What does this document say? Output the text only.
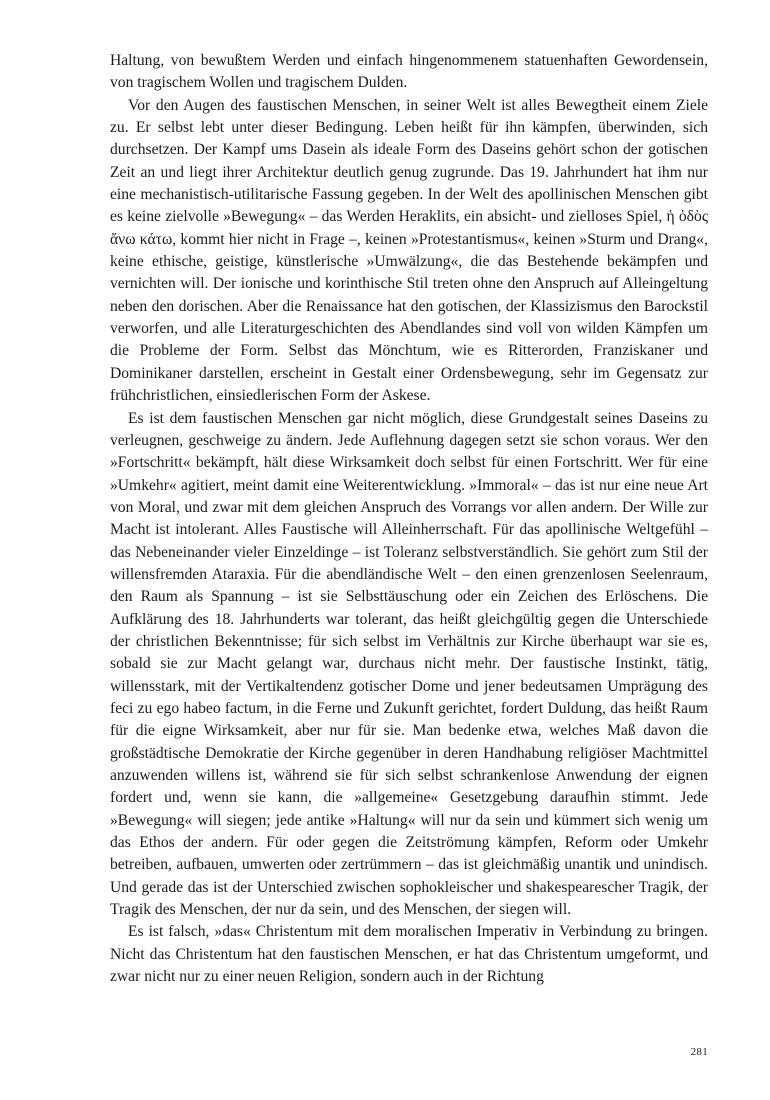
Haltung, von bewußtem Werden und einfach hingenommenem statuenhaften Gewordensein, von tragischem Wollen und tragischem Dulden.

Vor den Augen des faustischen Menschen, in seiner Welt ist alles Bewegtheit einem Ziele zu. Er selbst lebt unter dieser Bedingung. Leben heißt für ihn kämpfen, überwinden, sich durchsetzen. Der Kampf ums Dasein als ideale Form des Daseins gehört schon der gotischen Zeit an und liegt ihrer Architektur deutlich genug zugrunde. Das 19. Jahrhundert hat ihm nur eine mechanistisch-utilitarische Fassung gegeben. In der Welt des apollinischen Menschen gibt es keine zielvolle »Bewegung« – das Werden Heraklits, ein absicht- und zielloses Spiel, ἡ ὁδὸς ἄνω κάτω, kommt hier nicht in Frage –, keinen »Protestantismus«, keinen »Sturm und Drang«, keine ethische, geistige, künstlerische »Umwälzung«, die das Bestehende bekämpfen und vernichten will. Der ionische und korinthische Stil treten ohne den Anspruch auf Alleingeltung neben den dorischen. Aber die Renaissance hat den gotischen, der Klassizismus den Barockstil verworfen, und alle Literaturgeschichten des Abendlandes sind voll von wilden Kämpfen um die Probleme der Form. Selbst das Mönchtum, wie es Ritterorden, Franziskaner und Dominikaner darstellen, erscheint in Gestalt einer Ordensbewegung, sehr im Gegensatz zur frühchristlichen, einsiedlerischen Form der Askese.

Es ist dem faustischen Menschen gar nicht möglich, diese Grundgestalt seines Daseins zu verleugnen, geschweige zu ändern. Jede Auflehnung dagegen setzt sie schon voraus. Wer den »Fortschritt« bekämpft, hält diese Wirksamkeit doch selbst für einen Fortschritt. Wer für eine »Umkehr« agitiert, meint damit eine Weiterentwicklung. »Immoral« – das ist nur eine neue Art von Moral, und zwar mit dem gleichen Anspruch des Vorrangs vor allen andern. Der Wille zur Macht ist intolerant. Alles Faustische will Alleinherrschaft. Für das apollinische Weltgefühl – das Nebeneinander vieler Einzeldinge – ist Toleranz selbstverständlich. Sie gehört zum Stil der willensfremden Ataraxia. Für die abendländische Welt – den einen grenzenlosen Seelenraum, den Raum als Spannung – ist sie Selbsttäuschung oder ein Zeichen des Erlöschens. Die Aufklärung des 18. Jahrhunderts war tolerant, das heißt gleichgültig gegen die Unterschiede der christlichen Bekenntnisse; für sich selbst im Verhältnis zur Kirche überhaupt war sie es, sobald sie zur Macht gelangt war, durchaus nicht mehr. Der faustische Instinkt, tätig, willensstark, mit der Vertikaltendenz gotischer Dome und jener bedeutsamen Umprägung des feci zu ego habeo factum, in die Ferne und Zukunft gerichtet, fordert Duldung, das heißt Raum für die eigne Wirksamkeit, aber nur für sie. Man bedenke etwa, welches Maß davon die großstädtische Demokratie der Kirche gegenüber in deren Handhabung religiöser Machtmittel anzuwenden willens ist, während sie für sich selbst schrankenlose Anwendung der eignen fordert und, wenn sie kann, die »allgemeine« Gesetzgebung daraufhin stimmt. Jede »Bewegung« will siegen; jede antike »Haltung« will nur da sein und kümmert sich wenig um das Ethos der andern. Für oder gegen die Zeitströmung kämpfen, Reform oder Umkehr betreiben, aufbauen, umwerten oder zertrümmern – das ist gleichmäßig unantik und unindisch. Und gerade das ist der Unterschied zwischen sophokleischer und shakespearescher Tragik, der Tragik des Menschen, der nur da sein, und des Menschen, der siegen will.

Es ist falsch, »das« Christentum mit dem moralischen Imperativ in Verbindung zu bringen. Nicht das Christentum hat den faustischen Menschen, er hat das Christentum umgeformt, und zwar nicht nur zu einer neuen Religion, sondern auch in der Richtung

281
